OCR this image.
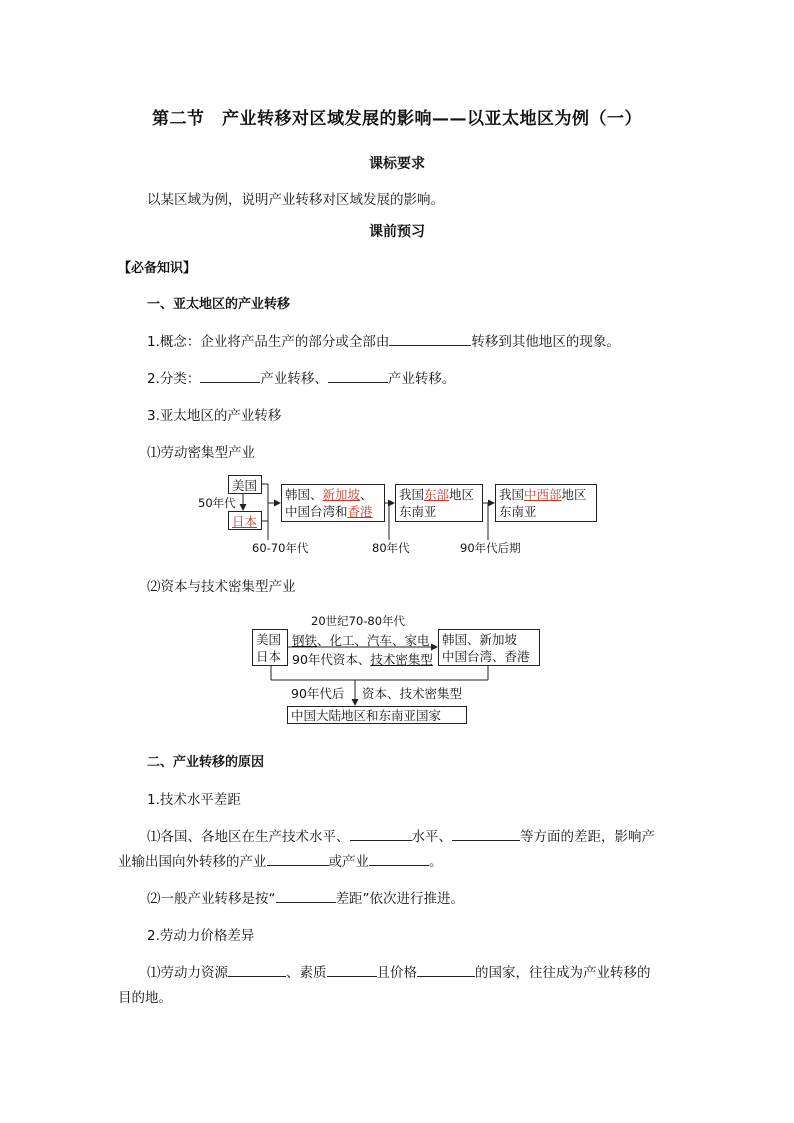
第二节　产业转移对区域发展的影响——以亚太地区为例（一）
课标要求
以某区域为例，说明产业转移对区域发展的影响。
课前预习
【必备知识】
一、亚太地区的产业转移
1.概念：企业将产品生产的部分或全部由	转移到其他地区的现象。
2.分类：	产业转移、	产业转移。
3.亚太地区的产业转移
⑴劳动密集型产业
美国
50年代
日本
韩国、新加坡、
中国台湾和香港
我国东部地区
东南亚
我国中西部地区
东南亚
60-70年代	80年代	90年代后期
⑵资本与技术密集型产业
20世纪70-80年代
美国
日本
钢铁、化工、汽车、家电
90年代资本、技术密集型
韩国、新加坡
中国台湾、香港
90年代后 资本、技术密集型
中国大陆地区和东南亚国家
二、产业转移的原因
1.技术水平差距
⑴各国、各地区在生产技术水平、	水平、	等方面的差距，影响产
业输出国向外转移的产业	或产业	。
⑵一般产业转移是按“	差距”依次进行推进。
2.劳动力价格差异
⑴劳动力资源	、素质	且价格	的国家，往往成为产业转移的
目的地。
